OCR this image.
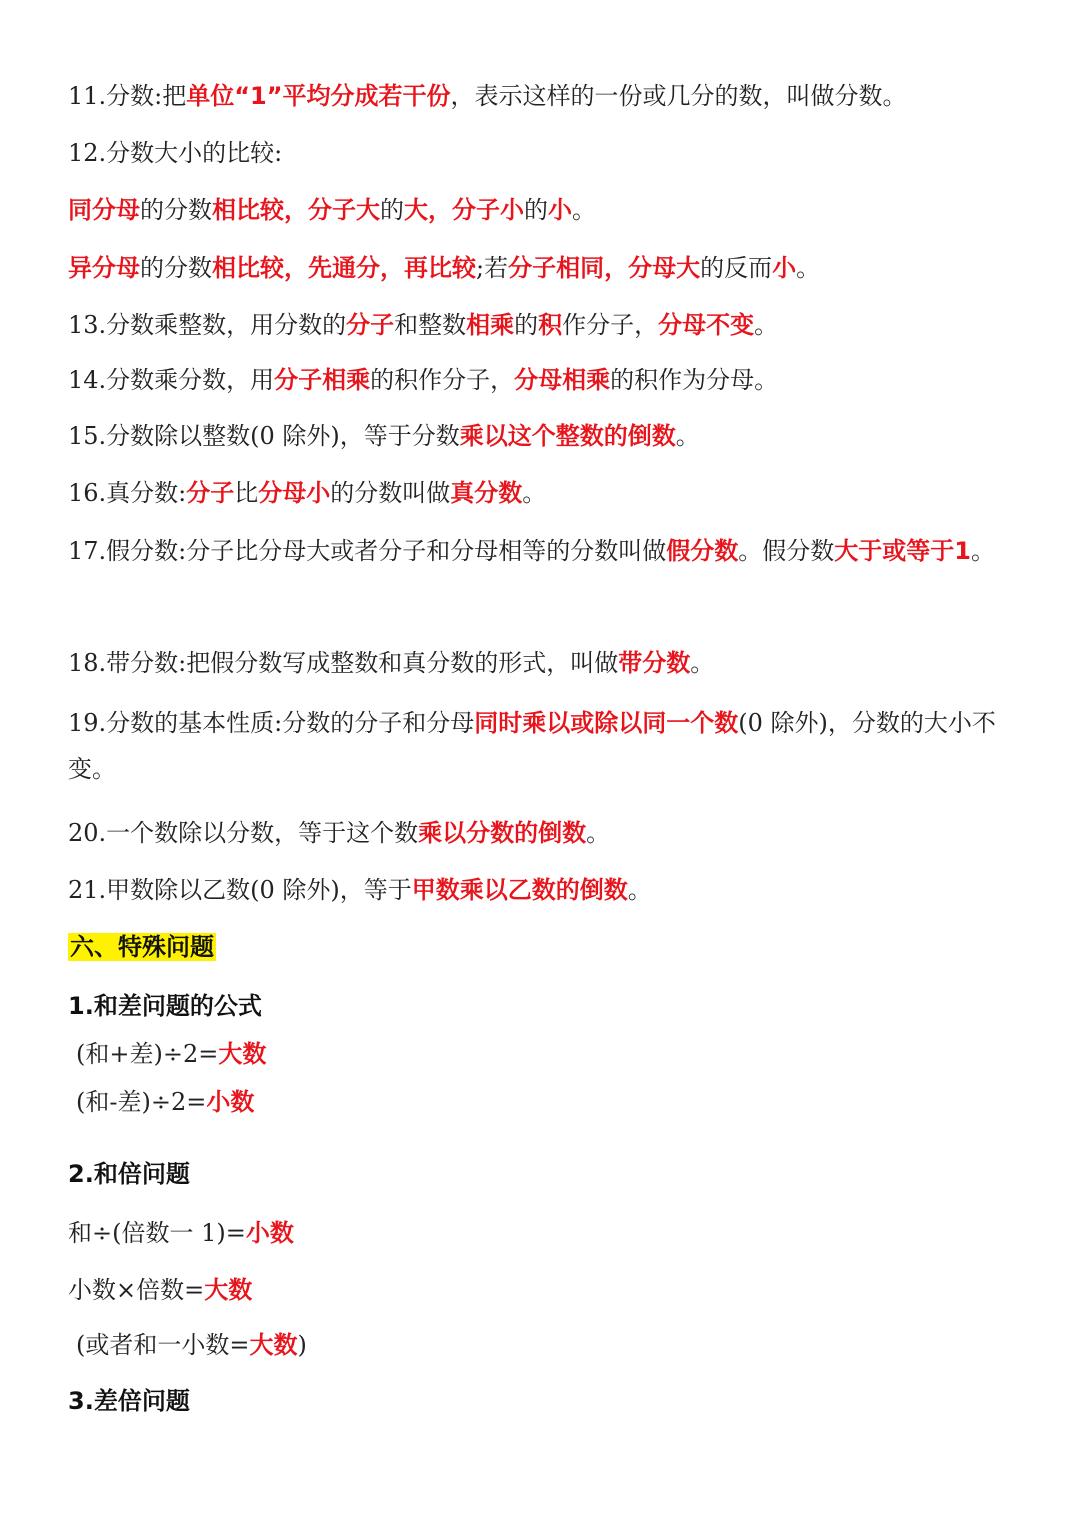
11.分数:把单位“1”平均分成若干份，表示这样的一份或几分的数，叫做分数。
12.分数大小的比较:
同分母的分数相比较，分子大的大，分子小的小。
异分母的分数相比较，先通分，再比较;若分子相同，分母大的反而小。
13.分数乘整数，用分数的分子和整数相乘的积作分子，分母不变。
14.分数乘分数，用分子相乘的积作分子，分母相乘的积作为分母。
15.分数除以整数(0 除外)，等于分数乘以这个整数的倒数。
16.真分数:分子比分母小的分数叫做真分数。
17.假分数:分子比分母大或者分子和分母相等的分数叫做假分数。假分数大于或等于1。
18.带分数:把假分数写成整数和真分数的形式，叫做带分数。
19.分数的基本性质:分数的分子和分母同时乘以或除以同一个数(0 除外)，分数的大小不变。
20.一个数除以分数，等于这个数乘以分数的倒数。
21.甲数除以乙数(0 除外)，等于甲数乘以乙数的倒数。
六、特殊问题
1.和差问题的公式
(和+差)÷2=大数
(和-差)÷2=小数
2.和倍问题
和÷(倍数一 1)=小数
小数×倍数=大数
(或者和一小数=大数)
3.差倍问题
